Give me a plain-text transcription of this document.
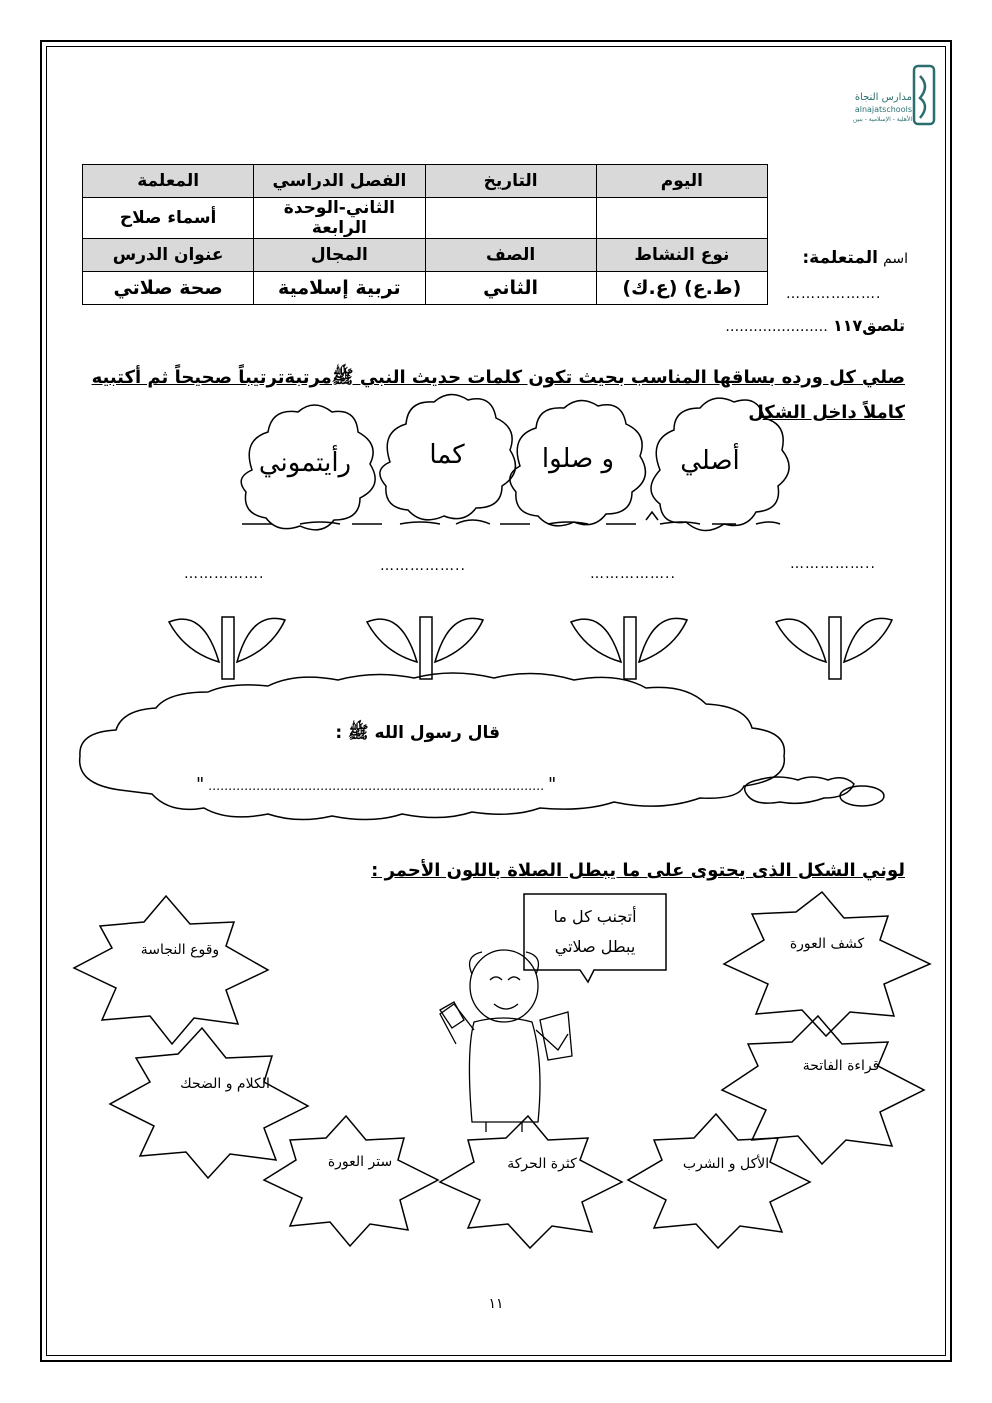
مدارس النجاة
alnajatschools
الأهلية - الإسلامية - بنين
اليوم	التاريخ	الفصل الدراسي	المعلمة
		الثاني-الوحدة الرابعة	أسماء صلاح
نوع النشاط	الصف	المجال	عنوان الدرس
(ط.ع) (ع.ك)	الثاني	تربية إسلامية	صحة صلاتي
اسم المتعلمة:
……………….
تلصق١١٧ ………………….
صلي كل ورده بساقها المناسب بحيث تكون كلمات حديث النبي ﷺمرتبةترتيباً صحيحاً ثم أكتبيه
كاملاً داخل الشكل
أصلي
و صلوا
كما
رأيتموني
……………..
……………..
……………..
…………….
قال رسول الله ﷺ :
" ………………………………………………………………………… "
لوني الشكل الذى يحتوى على ما يبطل الصلاة باللون الأحمر :
أتجنب كل ما
يبطل صلاتي
وقوع النجاسة	كشف العورة
الكلام و الضحك
قراءة الفاتحة
ستر العورة	كثرة الحركة	الأكل و الشرب
١١
